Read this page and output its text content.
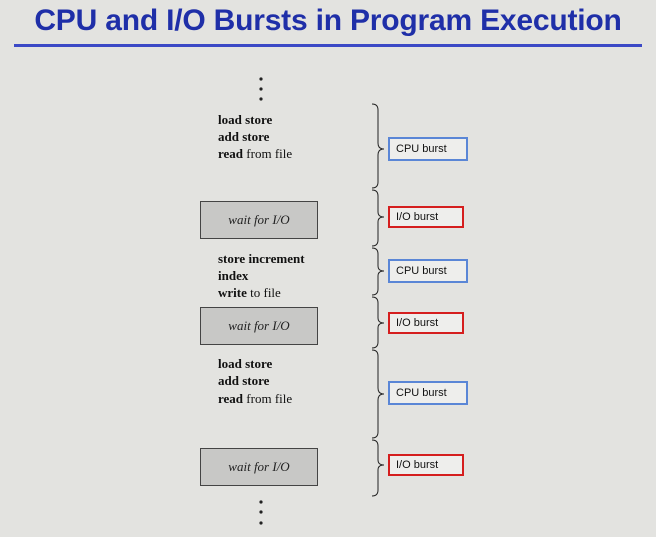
CPU and I/O Bursts in Program Execution
load store
add store
read from file
wait for I/O
store increment
index
write to file
wait for I/O
load store
add store
read from file
wait for I/O
CPU burst
I/O burst
CPU burst
I/O burst
CPU burst
I/O burst
